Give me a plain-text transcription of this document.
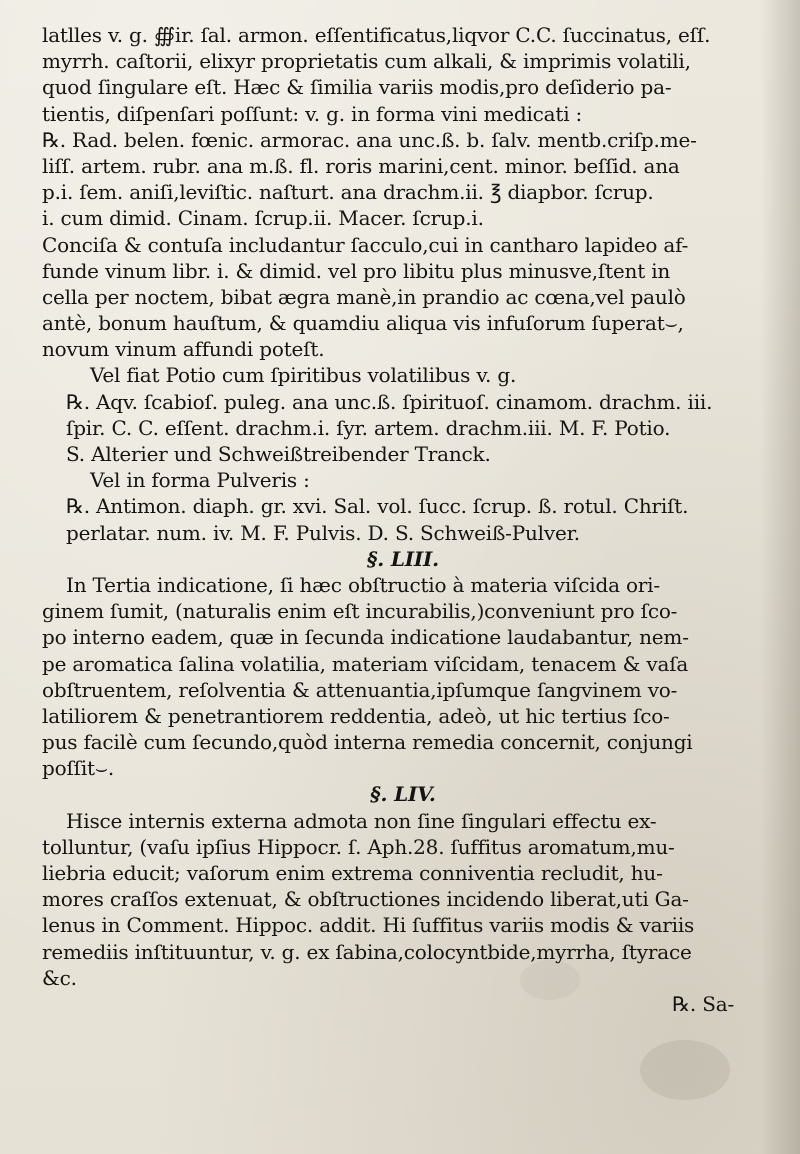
latlles v. g. ∰ir. ſal. armon. eſſentificatus,liqvor C.C. ſuccinatus, eſſ.
myrrh. caſtorii, elixyr proprietatis cum alkali, & imprimis volatili,
quod ſingulare eſt. Hæc & ſimilia variis modis,pro deſiderio pa-
tientis, diſpenſari poſſunt: v. g. in forma vini medicati :
℞. Rad. belen. fœnic. armorac. ana unc.ß. b. ſalv. mentb.criſp.me-
liſſ. artem. rubr. ana m.ß. fl. roris marini,cent. minor. beſſid. ana
p.i. ſem. aniſi,leviſtic. naſturt. ana drachm.ii. ℥ diapbor. ſcrup.
i. cum dimid. Cinam. ſcrup.ii. Macer. ſcrup.i.
Conciſa & contuſa includantur ſacculo,cui in cantharo lapideo af-
funde vinum libr. i. & dimid. vel pro libitu plus minusve,ſtent in
cella per noctem, bibat ægra manè,in prandio ac cœna,vel paulò
antè, bonum hauſtum, & quamdiu aliqua vis infuſorum ſuperat⌣,
novum vinum affundi poteſt.
Vel fiat Potio cum ſpiritibus volatilibus v. g.
℞. Aqv. ſcabioſ. puleg. ana unc.ß. ſpirituoſ. cinamom. drachm. iii.
ſpir. C. C. eſſent. drachm.i. ſyr. artem. drachm.iii. M. F. Potio.
S. Alterier und Schweißtreibender Tranck.
Vel in forma Pulveris :
℞. Antimon. diaph. gr. xvi. Sal. vol. ſucc. ſcrup. ß. rotul. Chriſt.
perlatar. num. iv. M. F. Pulvis. D. S. Schweiß-Pulver.
§. LIII.
In Tertia indicatione, ſi hæc obſtructio à materia viſcida ori-
ginem ſumit, (naturalis enim eſt incurabilis,)conveniunt pro ſco-
po interno eadem, quæ in ſecunda indicatione laudabantur, nem-
pe aromatica ſalina volatilia, materiam viſcidam, tenacem & vaſa
obſtruentem, reſolventia & attenuantia,ipſumque ſangvinem vo-
latiliorem & penetrantiorem reddentia, adeò, ut hic tertius ſco-
pus facilè cum ſecundo,quòd interna remedia concernit, conjungi
poſſit⌣.
§. LIV.
Hisce internis externa admota non ſine ſingulari effectu ex-
tolluntur, (vaſu ipſius Hippocr. ſ. Aph.28. ſuffitus aromatum,mu-
liebria educit; vaſorum enim extrema conniventia recludit, hu-
mores craſſos extenuat, & obſtructiones incidendo liberat,uti Ga-
lenus in Comment. Hippoc. addit. Hi ſuffitus variis modis & variis
remediis inſtituuntur, v. g. ex ſabina,colocyntbide,myrrha, ſtyrace
&c.
℞. Sa-
